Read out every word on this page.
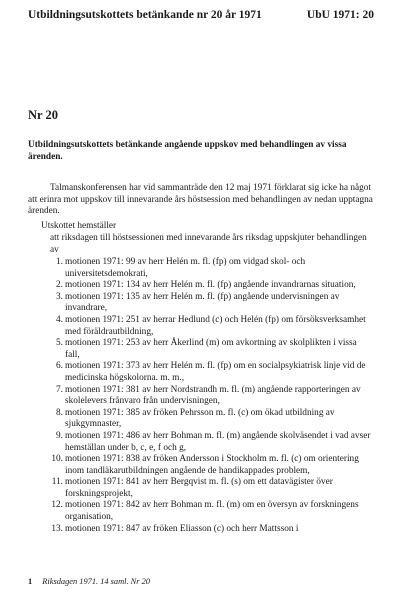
Utbildningsutskottets betänkande nr 20 år 1971	UbU 1971: 20
Nr 20
Utbildningsutskottets betänkande angående uppskov med behandlingen av vissa ärenden.

Talmanskonferensen har vid sammanträde den 12 maj 1971 förklarat sig icke ha något att erinra mot uppskov till innevarande års höstsession med behandlingen av nedan upptagna ärenden.

Utskottet hemställer
att riksdagen till höstsessionen med innevarande års riksdag uppskjuter behandlingen av
1. motionen 1971: 99 av herr Helén m. fl. (fp) om vidgad skol- och universitetsdemokrati,
2. motionen 1971: 134 av herr Helén m. fl. (fp) angående invandrarnas situation,
3. motionen 1971: 135 av herr Helén m. fl. (fp) angående undervisningen av invandrare,
4. motionen 1971: 251 av herrar Hedlund (c) och Helén (fp) om försöksverksamhet med föräldrautbildning,
5. motionen 1971: 253 av herr Åkerlind (m) om avkortning av skolplikten i vissa fall,
6. motionen 1971: 373 av herr Helén m. fl. (fp) om en socialpsykiatrisk linje vid de medicinska högskolorna. m. m.,
7. motionen 1971: 381 av herr Nordstrandh m. fl. (m) angående rapporteringen av skolelevers frånvaro från undervisningen,
8. motionen 1971: 385 av fröken Pehrsson m. fl. (c) om ökad utbildning av sjukgymnaster,
9. motionen 1971: 486 av herr Bohman m. fl. (m) angående skolväsendet i vad avser hemställan under b, c, e, f och g,
10. motionen 1971: 838 av fröken Andersson i Stockholm m. fl. (c) om orientering inom tandläkarutbildningen angående de handikappades problem,
11. motionen 1971: 841 av herr Bergqvist m. fl. (s) om ett datavägister över forskningsprojekt,
12. motionen 1971: 842 av herr Bohman m. fl. (m) om en översyn av forskningens organisation,
13. motionen 1971: 847 av fröken Eliasson (c) och herr Mattsson i
1 Riksdagen 1971. 14 saml. Nr 20
